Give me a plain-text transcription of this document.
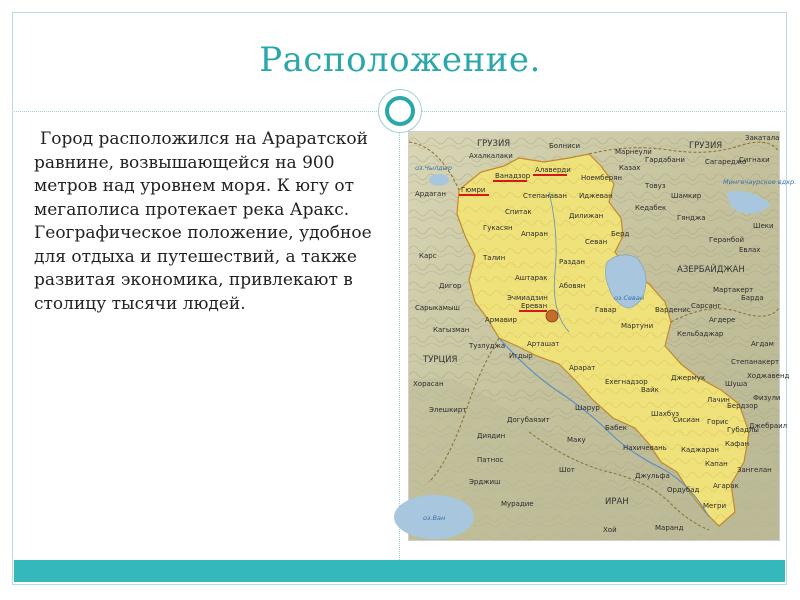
Расположение.
Город расположился на Араратской равнине, возвышающейся на 900 метров над уровнем моря. К югу от мегаполиса протекает река Аракс. Географическое положение, удобное для отдыха и путешествий, а также развитая экономика, привлекают в столицу тысячи людей.
ГРУЗИЯ	ГРУЗИЯ
АЗЕРБАЙДЖАН
ТУРЦИЯ
ИРАН
оз.Севан
оз.Ван
Мингечаурское вдхр.
оз.Чылдыр
Гюмри
Ванадзор
Алаверди
Ереван
Карс
Спитак	Дилижан
Иджеван
Севан
Раздан
Абовян
Аштарак
Армавир
Арташат
Арарат
Мартуни
Варденис
Гавар
Ехегнадзор
Вайк
Джермук
Сисиан Горис
Капан
Мегри
Нахичевань
Джульфа
Ордубад
Игдыр
Кагызман
Догубаязит
Маку
Хой
Шот
Маранд
Гянджа
Казах
Кедабек
Товуз
Шамкир
Степанакерт
Шуша
Лачин
Кельбаджар
Агдам
Барда
Агдере
Геранбой
Кафан
Берд
Ноемберян
Степанаван
Талин
Апаран
Эчмиадзин
Гукасян
Ардаган
Ахалкалаки
Дигор
Тузлуджа
Патнос
Эрджиш
Мурадие
Сарыкамыш
Элешкирт
Диядин
Хорасан
Марнеули
Болниси
Гардабани	Сагареджо
Сигнахи
Закатала
Шеки
Евлах
Шахбуз
Шарур
Бабек
Каджаран
Агарак
Бердзор
Физули
Джебраил
Губадлы
Зангелан
Ходжавенд
Мартакерт
Сарсанг
